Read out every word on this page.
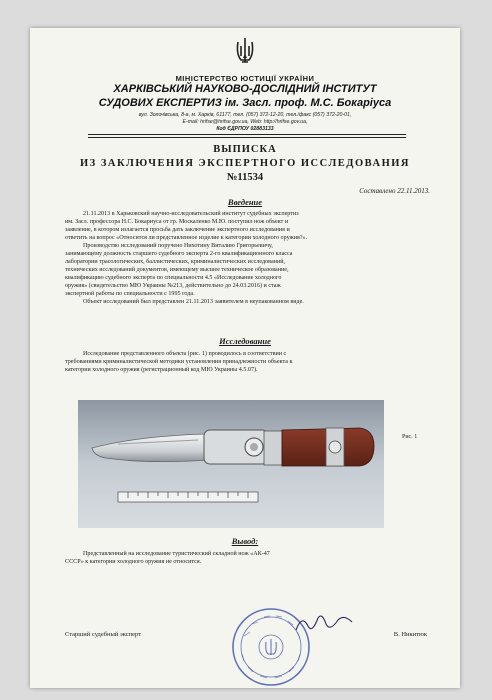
МІНІСТЕРСТВО ЮСТИЦІЇ УКРАЇНИ
ХАРКІВСЬКИЙ НАУКОВО-ДОСЛІДНИЙ ІНСТИТУТ
СУДОВИХ ЕКСПЕРТИЗ ім. Засл. проф. М.С. Бокаріуса
вул. Золочівська, 8-а, м. Харків, 61177, тел. (057) 372-12-20, тел./факс (057) 372-20-01,
E-mail: hrifse@hrifse.gov.ua, Web: http://hrifse.gov.ua,
Код ЄДРПОУ 02883133
ВЫПИСКА
ИЗ ЗАКЛЮЧЕНИЯ ЭКСПЕРТНОГО ИССЛЕДОВАНИЯ
№11534
Составлено 22.11.2013.
Введение
21.11.2013 в Харьковский научно-исследовательский институт судебных экспертиз
им. Засл. профессора Н.С. Бокариуса от гр. Москаленко М.Ю. поступил нож объект и
заявление, в котором излагается просьба дать заключение экспертного исследования и
ответить на вопрос «Относится ли представленное изделие к категории холодного оружия?».
Производство исследований поручено Нихотину Виталию Григорьевичу,
занимающему должность старшего судебного эксперта 2-го квалификационного класса
лаборатории трасологических, баллистических, криминалистических исследований,
технических исследований документов, имеющему высшее техническое образование,
квалификацию судебного эксперта по специальности 4.5 «Исследование холодного
оружия» (свидетельство МЮ Украины №213, действительно до 24.03.2016) и стаж
экспертной работы по специальности с 1995 года.
Объект исследований был представлен 21.11.2013 заявителем в неупакованном виде.
Исследование
Исследование представленного объекта (рис. 1) проводилось в соответствии с
требованиями криминалистической методики установления принадлежности объекта к
категории холодного оружия (регистрационный код МЮ Украины 4.5.07).
Рис. 1
Вывод:
Представленный на исследование туристический складной нож «АК-47
СССР» к категории холодного оружия не относится.
Старший судебный эксперт	В. Никитюк
